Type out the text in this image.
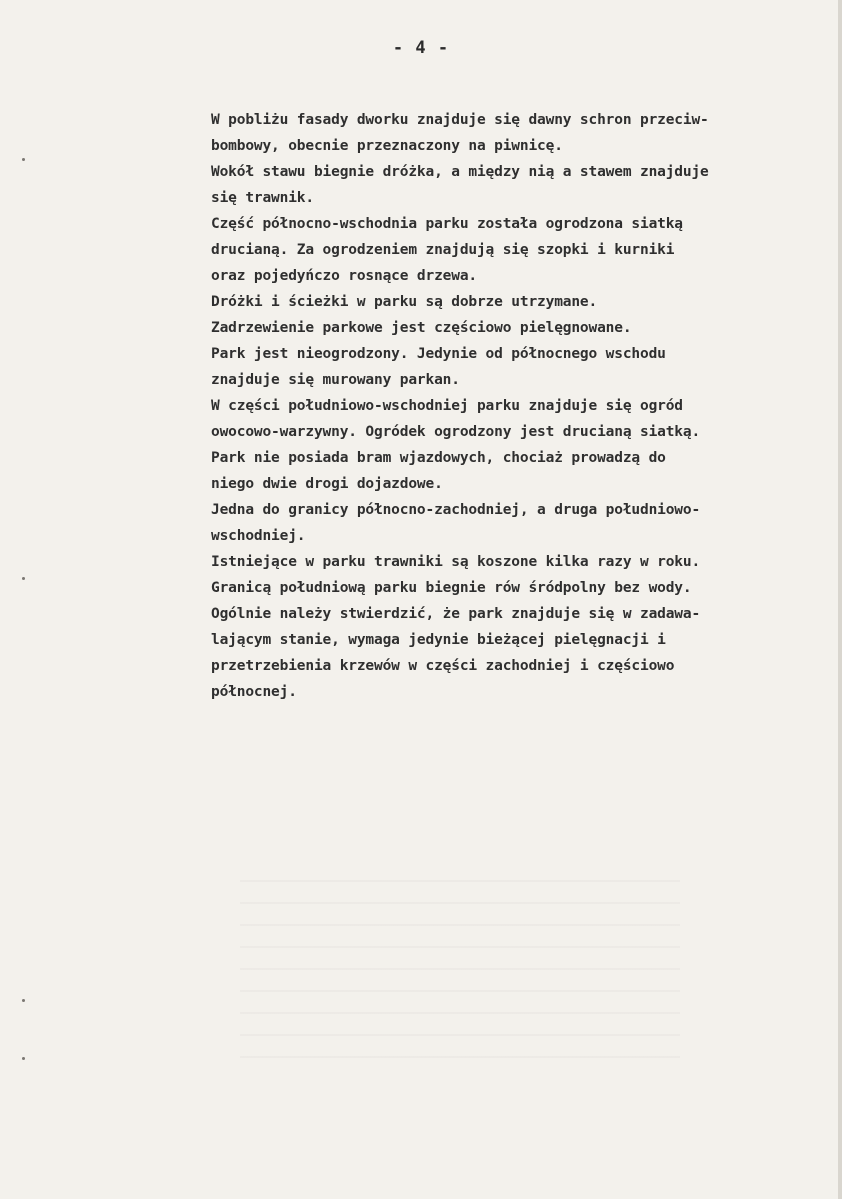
- 4 -
W pobliżu fasady dworku znajduje się dawny schron przeciw-
bombowy, obecnie przeznaczony na piwnicę.
Wokół stawu biegnie dróżka, a między nią a stawem znajduje
się trawnik.
Część północno-wschodnia parku została ogrodzona siatką
drucianą. Za ogrodzeniem znajdują się szopki i kurniki
oraz pojedyńczo rosnące drzewa.
Dróżki i ścieżki w parku są dobrze utrzymane.
Zadrzewienie parkowe jest częściowo pielęgnowane.
Park jest nieogrodzony. Jedynie od północnego wschodu
znajduje się murowany parkan.
W części południowo-wschodniej parku znajduje się ogród
owocowo-warzywny. Ogródek ogrodzony jest drucianą siatką.
Park nie posiada bram wjazdowych, chociaż prowadzą do
niego dwie drogi dojazdowe.
Jedna do granicy północno-zachodniej, a druga południowo-
wschodniej.
Istniejące w parku trawniki są koszone kilka razy w roku.
Granicą południową parku biegnie rów śródpolny bez wody.
Ogólnie należy stwierdzić, że park znajduje się w zadawa-
lającym stanie, wymaga jedynie bieżącej pielęgnacji i
przetrzebienia krzewów w części zachodniej i częściowo
północnej.
